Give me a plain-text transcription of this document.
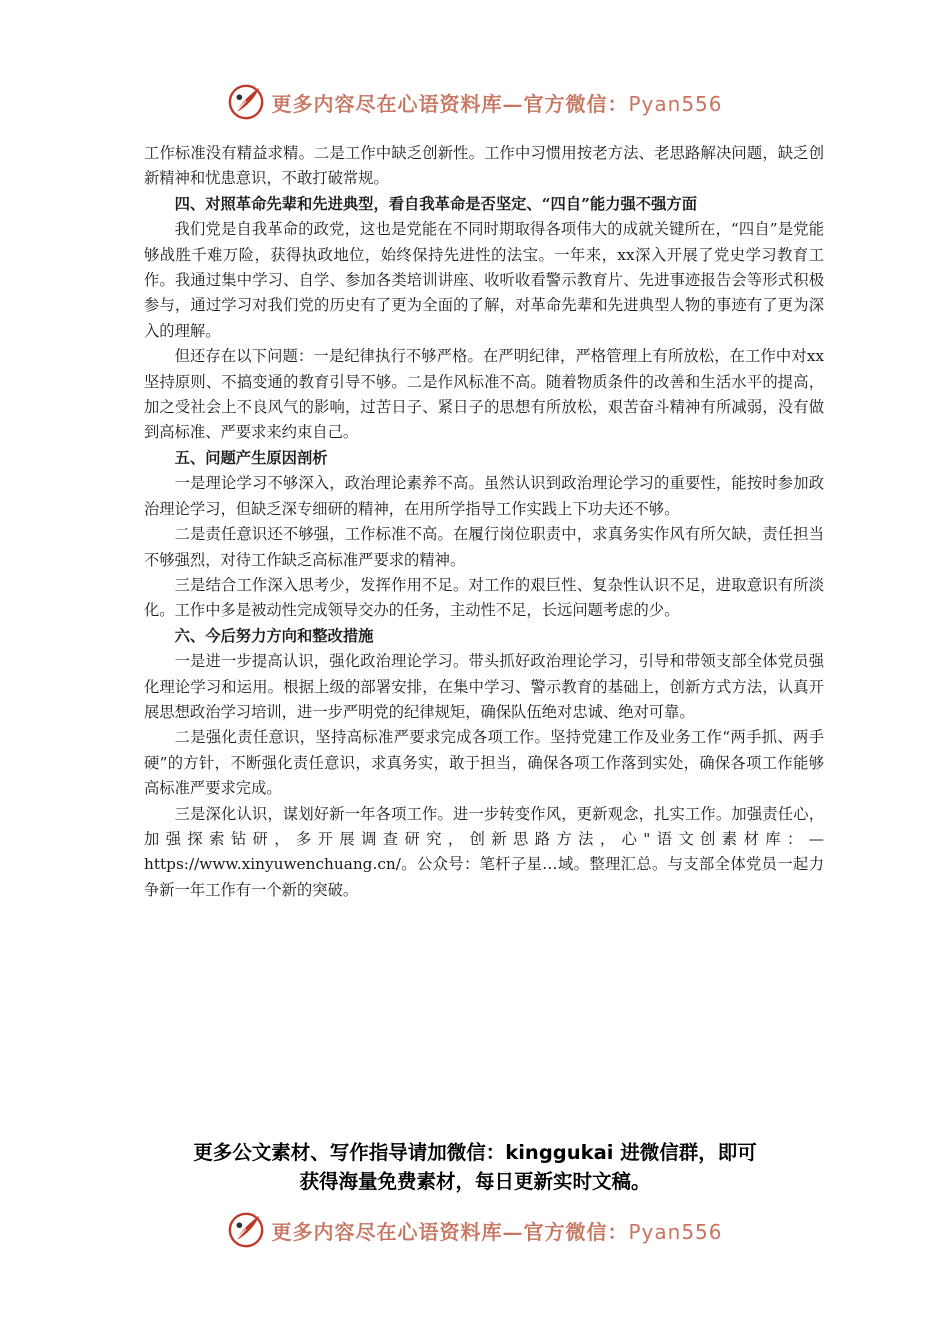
更多内容尽在心语资料库—官方微信：Pyan556

工作标准没有精益求精。二是工作中缺乏创新性。工作中习惯用按老方法、老思路解决问题，缺乏创新精神和忧患意识，不敢打破常规。

四、对照革命先辈和先进典型，看自我革命是否坚定、“四自”能力强不强方面

我们党是自我革命的政党，这也是党能在不同时期取得各项伟大的成就关键所在，“四自”是党能够战胜千难万险，获得执政地位，始终保持先进性的法宝。一年来，xx深入开展了党史学习教育工作。我通过集中学习、自学、参加各类培训讲座、收听收看警示教育片、先进事迹报告会等形式积极参与，通过学习对我们党的历史有了更为全面的了解，对革命先辈和先进典型人物的事迹有了更为深入的理解。

但还存在以下问题：一是纪律执行不够严格。在严明纪律，严格管理上有所放松，在工作中对xx坚持原则、不搞变通的教育引导不够。二是作风标准不高。随着物质条件的改善和生活水平的提高，加之受社会上不良风气的影响，过苦日子、紧日子的思想有所放松，艰苦奋斗精神有所减弱，没有做到高标准、严要求来约束自己。

五、问题产生原因剖析

一是理论学习不够深入，政治理论素养不高。虽然认识到政治理论学习的重要性，能按时参加政治理论学习，但缺乏深专细研的精神，在用所学指导工作实践上下功夫还不够。

二是责任意识还不够强，工作标准不高。在履行岗位职责中，求真务实作风有所欠缺，责任担当不够强烈，对待工作缺乏高标准严要求的精神。

三是结合工作深入思考少，发挥作用不足。对工作的艰巨性、复杂性认识不足，进取意识有所淡化。工作中多是被动性完成领导交办的任务，主动性不足，长远问题考虑的少。

六、今后努力方向和整改措施

一是进一步提高认识，强化政治理论学习。带头抓好政治理论学习，引导和带领支部全体党员强化理论学习和运用。根据上级的部署安排，在集中学习、警示教育的基础上，创新方式方法，认真开展思想政治学习培训，进一步严明党的纪律规矩，确保队伍绝对忠诚、绝对可靠。

二是强化责任意识，坚持高标准严要求完成各项工作。坚持党建工作及业务工作“两手抓、两手硬”的方针，不断强化责任意识，求真务实，敢于担当，确保各项工作落到实处，确保各项工作能够高标准严要求完成。

三是深化认识，谋划好新一年各项工作。进一步转变作风，更新观念，扎实工作。加强责任心，加强探索钻研，多开展调查研究，创新思路方法，心"语文创素材库：—https://www.xinyuwenchuang.cn/。公众号：笔杆子星…域。整理汇总。与支部全体党员一起力争新一年工作有一个新的突破。

更多公文素材、写作指导请加微信：kinggukai 进微信群，即可
获得海量免费素材，每日更新实时文稿。
更多内容尽在心语资料库—官方微信：Pyan556
